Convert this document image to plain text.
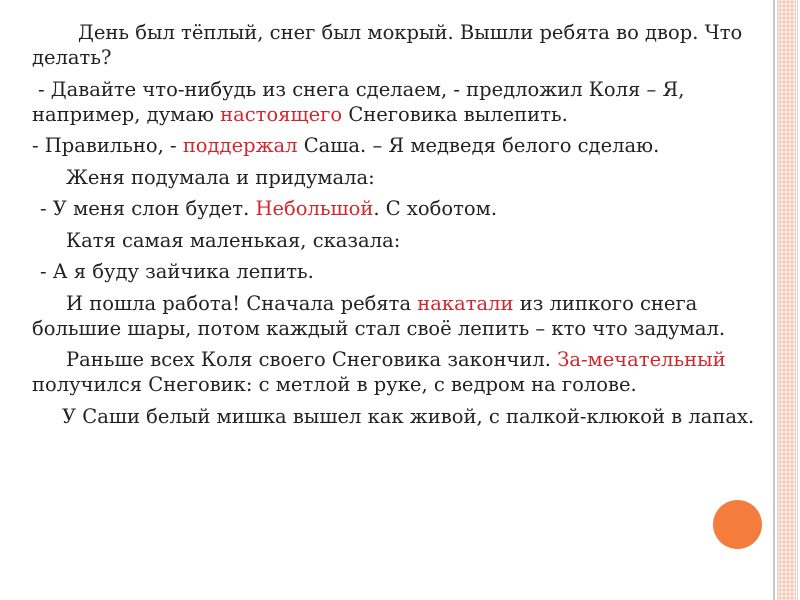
День был тёплый, снег был мокрый. Вышли ребята во двор. Что делать?

- Давайте что-нибудь из снега сделаем, - предложил Коля – Я, например, думаю настоящего Снеговика вылепить.

- Правильно, - поддержал Саша. – Я медведя белого сделаю.

Женя подумала и придумала:

- У меня слон будет. Небольшой. С хоботом.

Катя самая маленькая, сказала:

- А я буду зайчика лепить.

И пошла работа! Сначала ребята накатали из липкого снега большие шары, потом каждый стал своё лепить – кто что задумал.

Раньше всех Коля своего Снеговика закончил. За-мечательный получился Снеговик: с метлой в руке, с ведром на голове.

У Саши белый мишка вышел как живой, с палкой-клюкой в лапах.
